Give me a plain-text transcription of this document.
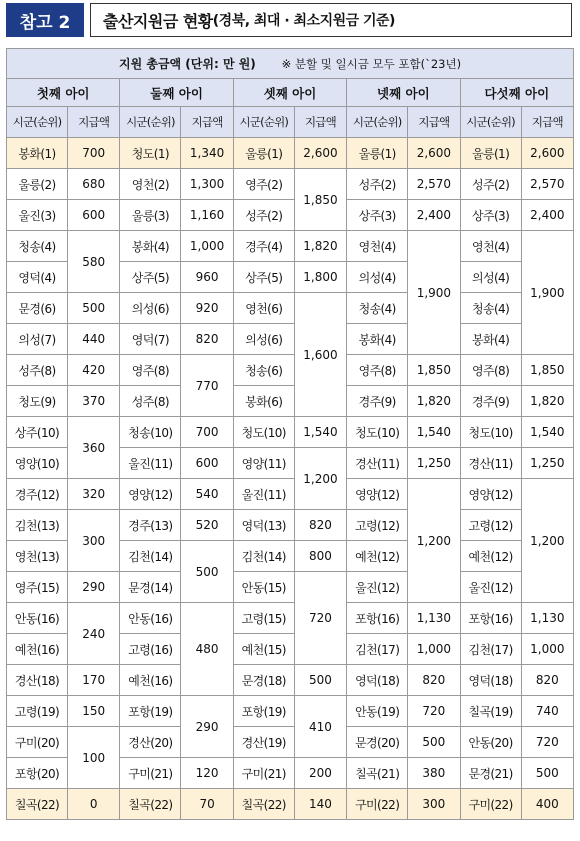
참고 2	출산지원금 현황 (경북, 최대 · 최소지원금 기준)
지원 총금액 (단위: 만 원) ※ 분할 및 일시금 모두 포함(`23년)									
첫째 아이		둘째 아이		셋째 아이		넷째 아이		다섯째 아이	
시군(순위)	지급액	시군(순위)	지급액	시군(순위)	지급액	시군(순위)	지급액	시군(순위)	지급액
봉화(1)	700	청도(1)	1,340	울릉(1)	2,600	울릉(1)	2,600	울릉(1)	2,600
울릉(2)	680	영천(2)	1,300	영주(2)	1,850	성주(2)	2,570	성주(2)	2,570
울진(3)	600	울릉(3)	1,160	성주(2)		상주(3)	2,400	상주(3)	2,400
청송(4)	580	봉화(4)	1,000	경주(4)	1,820	영천(4)	1,900	영천(4)	1,900
영덕(4)		상주(5)	960	상주(5)	1,800	의성(4)		의성(4)	
문경(6)	500	의성(6)	920	영천(6)	1,600	청송(4)		청송(4)	
의성(7)	440	영덕(7)	820	의성(6)		봉화(4)		봉화(4)	
성주(8)	420	영주(8)	770	청송(6)		영주(8)	1,850	영주(8)	1,850
청도(9)	370	성주(8)		봉화(6)		경주(9)	1,820	경주(9)	1,820
상주(10)	360	청송(10)	700	청도(10)	1,540	청도(10)	1,540	청도(10)	1,540
영양(10)		울진(11)	600	영양(11)	1,200	경산(11)	1,250	경산(11)	1,250
경주(12)	320	영양(12)	540	울진(11)		영양(12)	1,200	영양(12)	1,200
김천(13)	300	경주(13)	520	영덕(13)	820	고령(12)		고령(12)	
영천(13)		김천(14)	500	김천(14)	800	예천(12)		예천(12)	
영주(15)	290	문경(14)		안동(15)	720	울진(12)		울진(12)	
안동(16)	240	안동(16)	480	고령(15)		포항(16)	1,130	포항(16)	1,130
예천(16)		고령(16)		예천(15)		김천(17)	1,000	김천(17)	1,000
경산(18)	170	예천(16)		문경(18)	500	영덕(18)	820	영덕(18)	820
고령(19)	150	포항(19)	290	포항(19)	410	안동(19)	720	칠곡(19)	740
구미(20)	100	경산(20)		경산(19)		문경(20)	500	안동(20)	720
포항(20)		구미(21)	120	구미(21)	200	칠곡(21)	380	문경(21)	500
칠곡(22)	0	칠곡(22)	70	칠곡(22)	140	구미(22)	300	구미(22)	400
